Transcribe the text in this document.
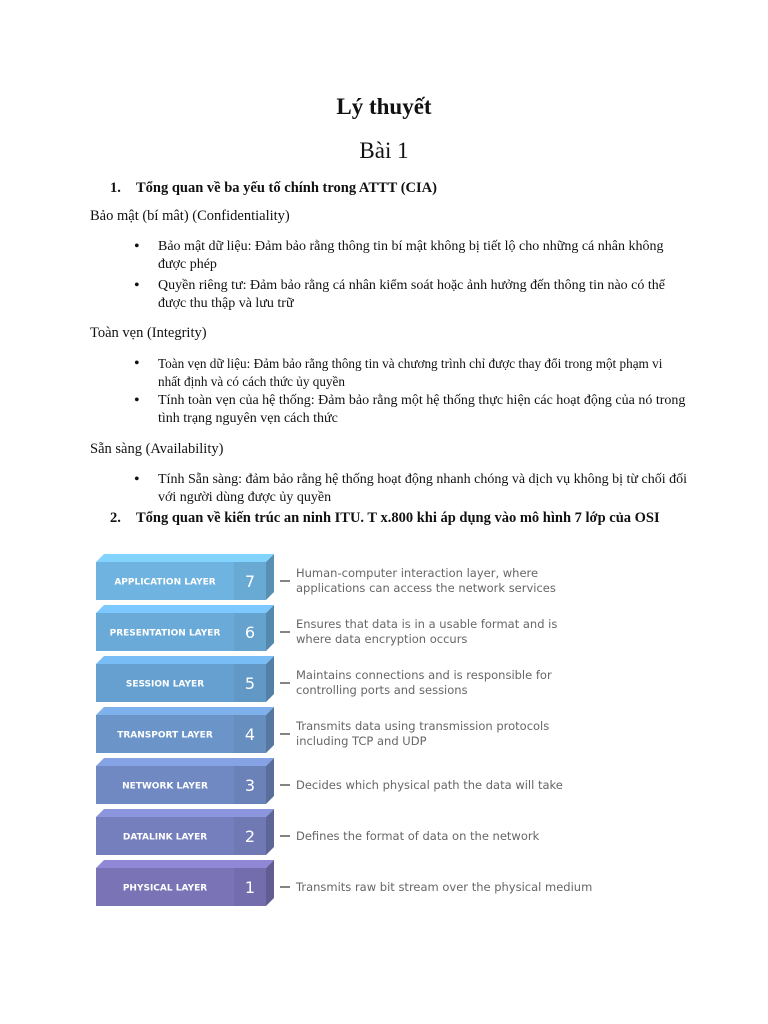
Lý thuyết
Bài 1
1. Tổng quan về ba yếu tố chính trong ATTT (CIA)
Bảo mật (bí mât) (Confidentiality)
• Bảo mật dữ liệu: Đảm bảo rằng thông tin bí mật không bị tiết lộ cho những cá nhân không được phép
• Quyền riêng tư: Đảm bảo rằng cá nhân kiểm soát hoặc ảnh hưởng đến thông tin nào có thể được thu thập và lưu trữ
Toàn vẹn (Integrity)
• Toàn vẹn dữ liệu: Đảm bảo rằng thông tin và chương trình chỉ được thay đổi trong một phạm vi nhất định và có cách thức ủy quyền
• Tính toàn vẹn của hệ thống: Đảm bảo rằng một hệ thống thực hiện các hoạt động của nó trong tình trạng nguyên vẹn cách thức
Sẵn sàng (Availability)
• Tính Sẵn sàng: đảm bảo rằng hệ thống hoạt động nhanh chóng và dịch vụ không bị từ chối đối với người dùng được ủy quyền
2. Tổng quan về kiến trúc an ninh ITU. T x.800 khi áp dụng vào mô hình 7 lớp của OSI
APPLICATION LAYER 7	Human-computer interaction layer, where
applications can access the network services
PRESENTATION LAYER 6	Ensures that data is in a usable format and is
where data encryption occurs
SESSION LAYER	5	Maintains connections and is responsible for
controlling ports and sessions
TRANSPORT LAYER 4	Transmits data using transmission protocols
including TCP and UDP
NETWORK LAYER 3	Decides which physical path the data will take
DATALINK LAYER 2	Defines the format of data on the network
PHYSICAL LAYER 1	Transmits raw bit stream over the physical medium
